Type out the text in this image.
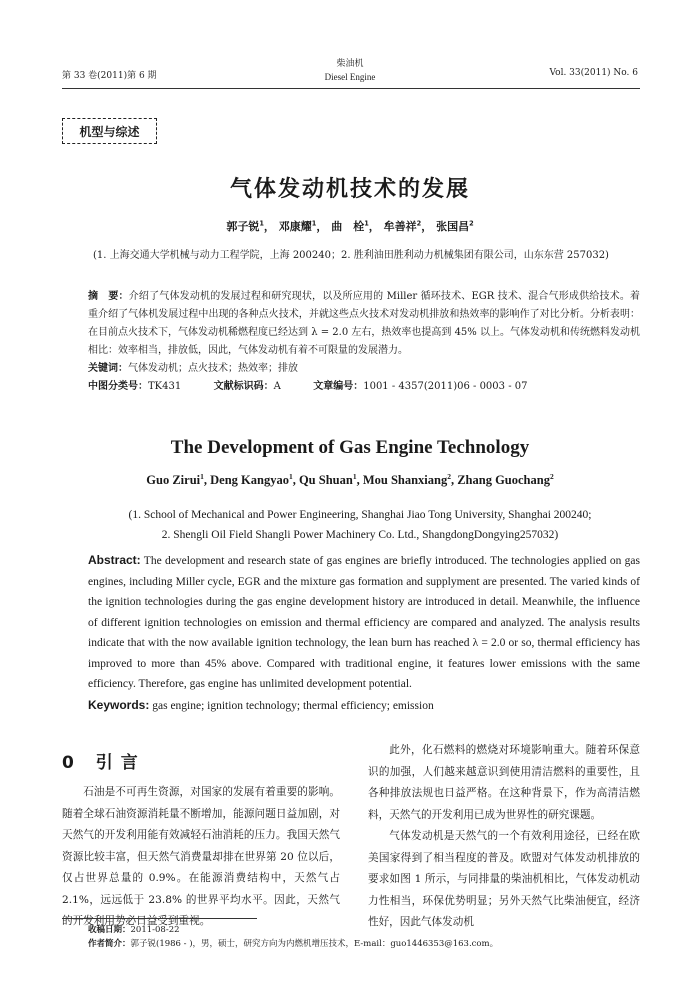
第 33 卷(2011)第 6 期
柴油机
Diesel Engine	Vol. 33(2011) No. 6
机型与综述
气体发动机技术的发展
郭子锐$^1$， 邓康耀$^1$， 曲　栓$^1$， 牟善祥$^2$， 张国昌$^2$
(1. 上海交通大学机械与动力工程学院，上海 200240；2. 胜利油田胜利动力机械集团有限公司，山东东营 257032)
摘　要：介绍了气体发动机的发展过程和研究现状，以及所应用的 Miller 循环技术、EGR 技术、混合气形成供给技术。着重介绍了气体机发展过程中出现的各种点火技术，并就这些点火技术对发动机排放和热效率的影响作了对比分析。分析表明：在目前点火技术下，气体发动机稀燃程度已经达到 λ = 2.0 左右，热效率也提高到 45% 以上。气体发动机和传统燃料发动机相比：效率相当，排放低，因此，气体发动机有着不可限量的发展潜力。
关键词：气体发动机；点火技术；热效率；排放
中图分类号：TK431	文献标识码：A	文章编号：1001 - 4357(2011)06 - 0003 - 07
The Development of Gas Engine Technology
Guo Zirui$^1$, Deng Kangyao$^1$, Qu Shuan$^1$, Mou Shanxiang$^2$, Zhang Guochang$^2$
(1. School of Mechanical and Power Engineering, Shanghai Jiao Tong University, Shanghai 200240;
2. Shengli Oil Field Shangli Power Machinery Co. Ltd., ShangdongDongying257032)
Abstract: The development and research state of gas engines are briefly introduced. The technologies applied on gas engines, including Miller cycle, EGR and the mixture gas formation and supplyment are presented. The varied kinds of the ignition technologies during the gas engine development history are introduced in detail. Meanwhile, the influence of different ignition technologies on emission and thermal efficiency are compared and analyzed. The analysis results indicate that with the now available ignition technology, the lean burn has reached λ = 2.0 or so, thermal efficiency has improved to more than 45% above. Compared with traditional engine, it features lower emissions with the same efficiency. Therefore, gas engine has unlimited development potential.
Keywords: gas engine; ignition technology; thermal efficiency; emission
0 引言

石油是不可再生资源，对国家的发展有着重要的影响。随着全球石油资源消耗量不断增加，能源问题日益加剧，对天然气的开发利用能有效减轻石油消耗的压力。我国天然气资源比较丰富，但天然气消费量却排在世界第 20 位以后，仅占世界总量的 0.9%。在能源消费结构中，天然气占 2.1%，远远低于 23.8% 的世界平均水平。因此，天然气的开发利用势必日益受到重视。

此外，化石燃料的燃烧对环境影响重大。随着环保意识的加强，人们越来越意识到使用清洁燃料的重要性，且各种排放法规也日益严格。在这种背景下，作为高清洁燃料，天然气的开发利用已成为世界性的研究课题。

气体发动机是天然气的一个有效利用途径，已经在欧美国家得到了相当程度的普及。欧盟对气体发动机排放的要求如图 1 所示，与同排量的柴油机相比，气体发动机动力性相当，环保优势明显；另外天然气比柴油便宜，经济性好，因此气体发动机

收稿日期：2011-08-22
作者简介：郭子锐(1986 - )，男，硕士，研究方向为内燃机增压技术，E-mail：guo1446353@163.com。
